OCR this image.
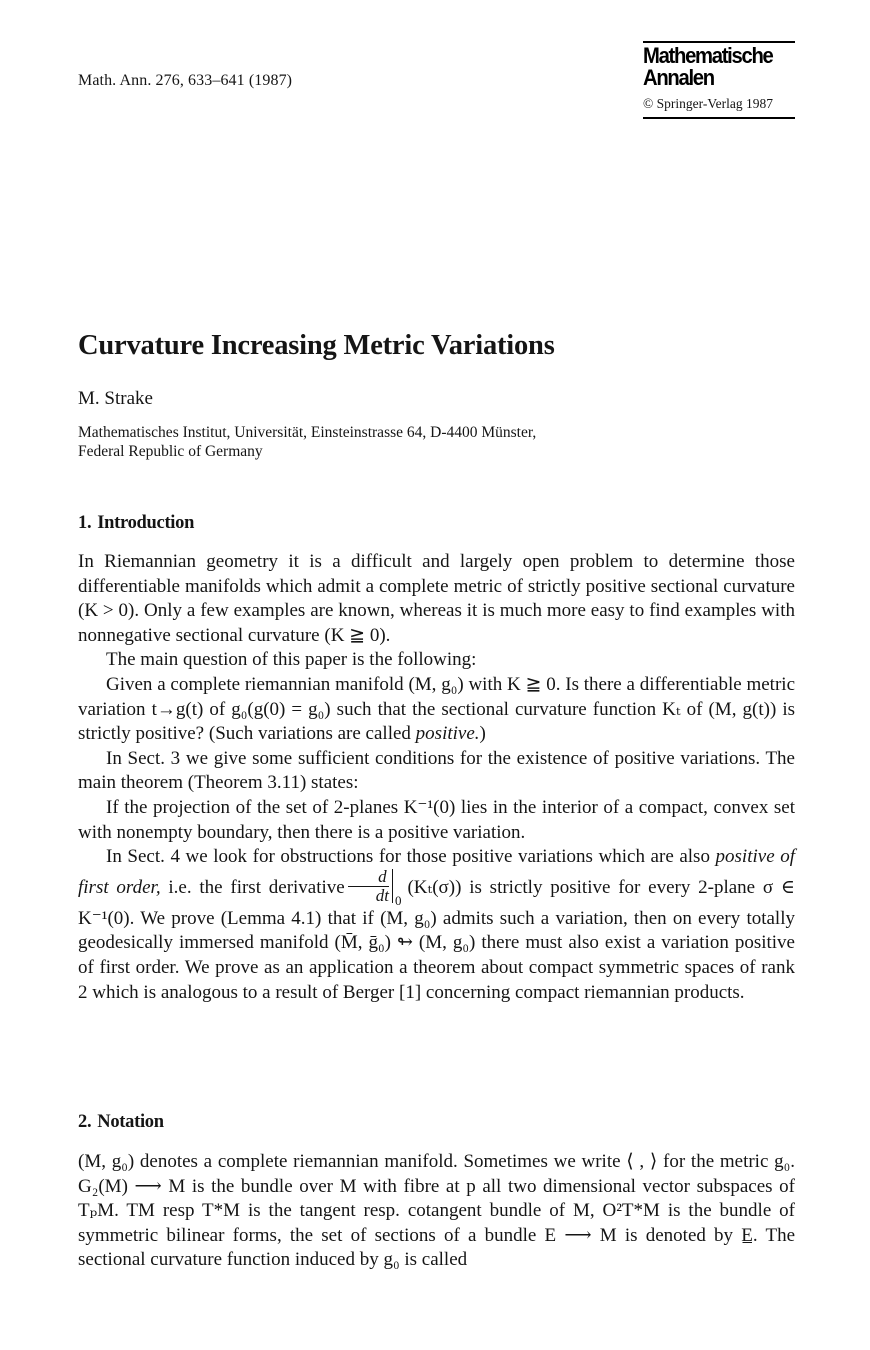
Math. Ann. 276, 633–641 (1987)
Mathematische
Annalen
© Springer-Verlag 1987
Curvature Increasing Metric Variations
M. Strake
Mathematisches Institut, Universität, Einsteinstrasse 64, D-4400 Münster,
Federal Republic of Germany
1. Introduction

In Riemannian geometry it is a difficult and largely open problem to determine those differentiable manifolds which admit a complete metric of strictly positive sectional curvature (K > 0). Only a few examples are known, whereas it is much more easy to find examples with nonnegative sectional curvature (K ≧ 0).

The main question of this paper is the following:

Given a complete riemannian manifold (M, g₀) with K ≧ 0. Is there a differentiable metric variation t→g(t) of g₀(g(0) = g₀) such that the sectional curvature function Kₜ of (M, g(t)) is strictly positive? (Such variations are called positive.)

In Sect. 3 we give some sufficient conditions for the existence of positive variations. The main theorem (Theorem 3.11) states:

If the projection of the set of 2-planes K⁻¹(0) lies in the interior of a compact, convex set with nonempty boundary, then there is a positive variation.

In Sect. 4 we look for obstructions for those positive variations which are also positive of first order, i.e. the first derivative $\frac{d}{dt} _0(K_t(\sigma))$ is strictly positive for every 2-plane σ ∈ K⁻¹(0). We prove (Lemma 4.1) that if (M, g₀) admits such a variation, then on every totally geodesically immersed manifold (M̄, ḡ₀) ↬ (M, g₀) there must also exist a variation positive of first order. We prove as an application a theorem about compact symmetric spaces of rank 2 which is analogous to a result of Berger [1] concerning compact riemannian products.

2. Notation

(M, g₀) denotes a complete riemannian manifold. Sometimes we write ⟨ , ⟩ for the metric g₀. G₂(M) ⟶ M is the bundle over M with fibre at p all two dimensional vector subspaces of TₚM. TM resp T*M is the tangent resp. cotangent bundle of M, O²T*M is the bundle of symmetric bilinear forms, the set of sections of a bundle E ⟶ M is denoted by E̲. The sectional curvature function induced by g₀ is called
